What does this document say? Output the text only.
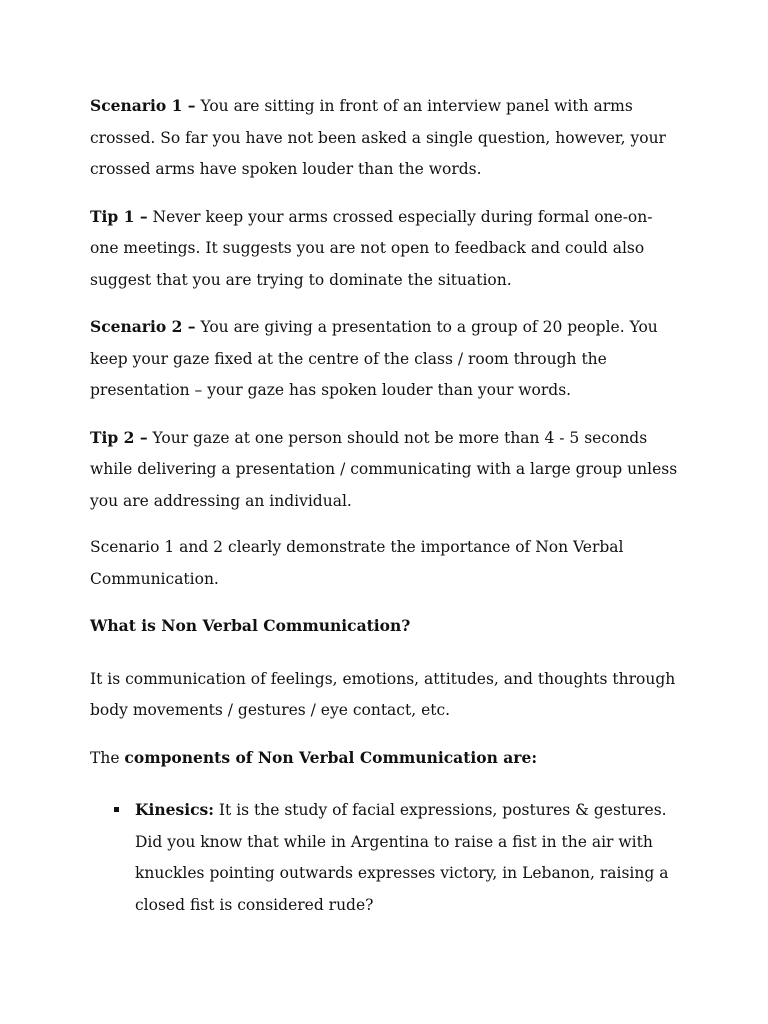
Scenario 1 – You are sitting in front of an interview panel with arms crossed. So far you have not been asked a single question, however, your crossed arms have spoken louder than the words.

Tip 1 – Never keep your arms crossed especially during formal one-on-one meetings. It suggests you are not open to feedback and could also suggest that you are trying to dominate the situation.

Scenario 2 – You are giving a presentation to a group of 20 people. You keep your gaze fixed at the centre of the class / room through the presentation – your gaze has spoken louder than your words.

Tip 2 – Your gaze at one person should not be more than 4 - 5 seconds while delivering a presentation / communicating with a large group unless you are addressing an individual.

Scenario 1 and 2 clearly demonstrate the importance of Non Verbal Communication.

What is Non Verbal Communication?

It is communication of feelings, emotions, attitudes, and thoughts through body movements / gestures / eye contact, etc.

The components of Non Verbal Communication are:

Kinesics: It is the study of facial expressions, postures & gestures. Did you know that while in Argentina to raise a fist in the air with knuckles pointing outwards expresses victory, in Lebanon, raising a closed fist is considered rude?
